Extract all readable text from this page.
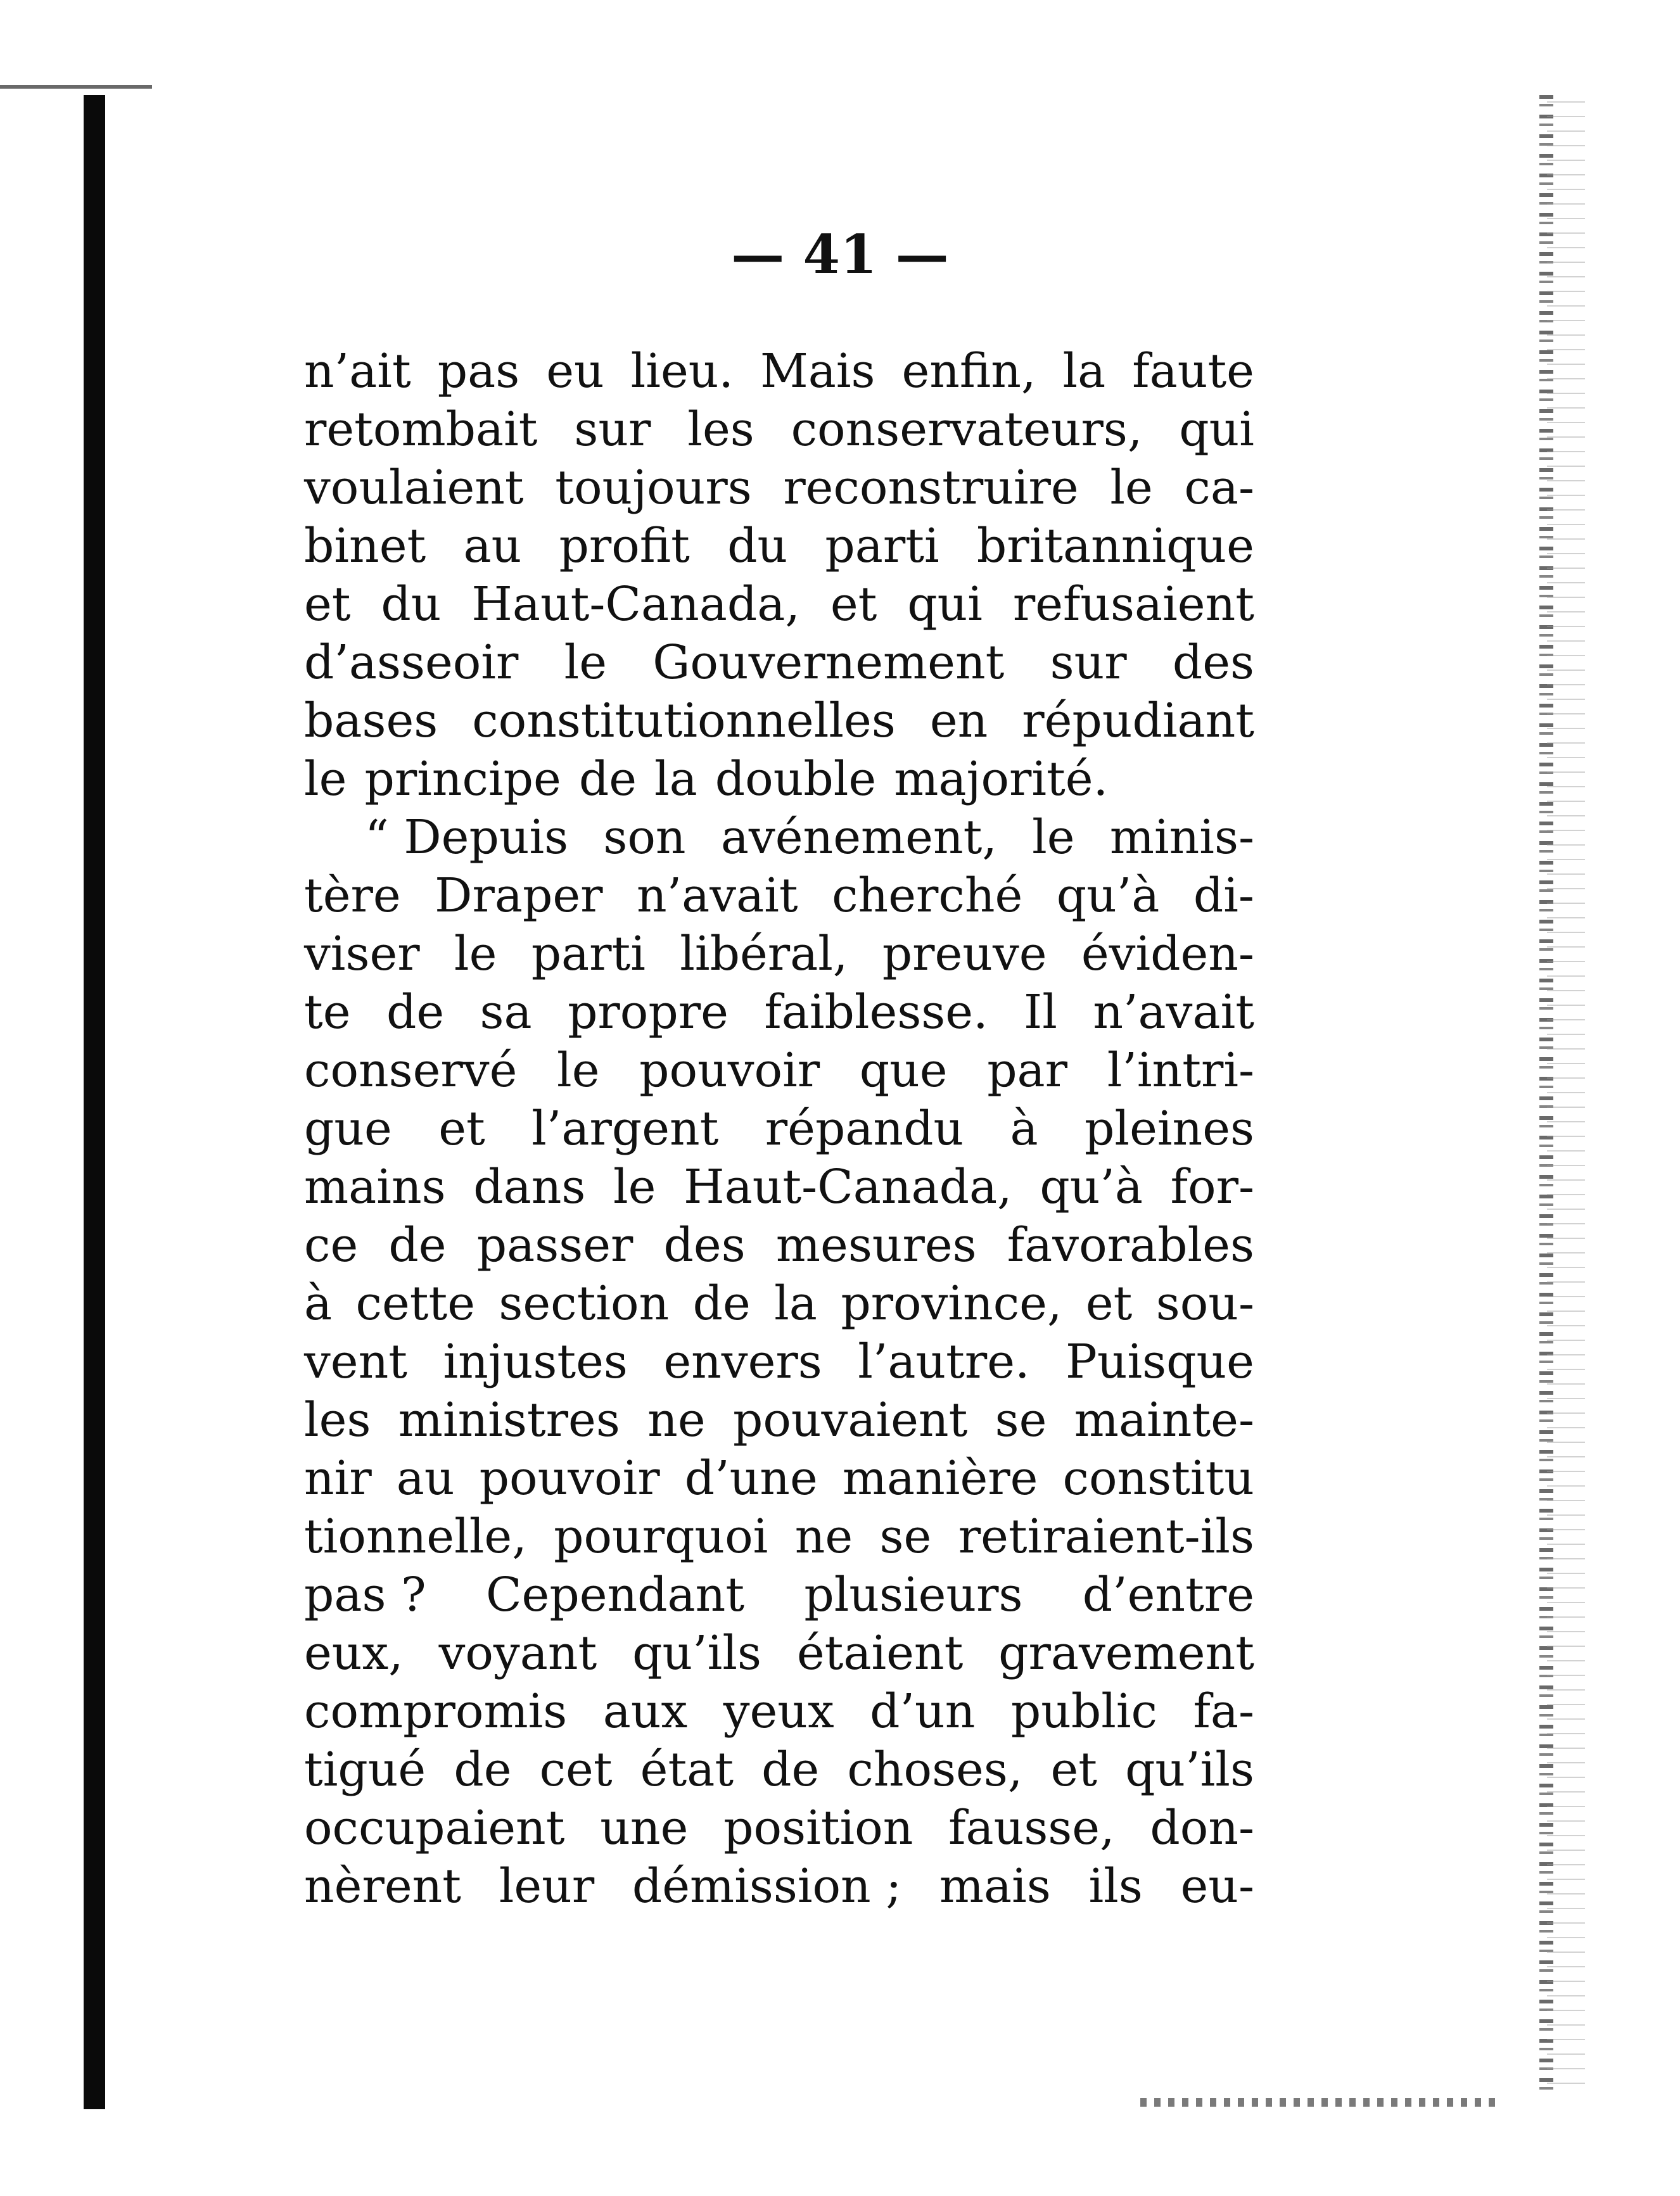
— 41 —
n’ait pas eu lieu. Mais enfin, la faute
retombait sur les conservateurs, qui
voulaient toujours reconstruire le ca-
binet au profit du parti britannique
et du Haut-Canada, et qui refusaient
d’asseoir le Gouvernement sur des
bases constitutionnelles en répudiant
le principe de la double majorité.
“ Depuis son avénement, le minis-
tère Draper n’avait cherché qu’à di-
viser le parti libéral, preuve éviden-
te de sa propre faiblesse. Il n’avait
conservé le pouvoir que par l’intri-
gue et l’argent répandu à pleines
mains dans le Haut-Canada, qu’à for-
ce de passer des mesures favorables
à cette section de la province, et sou-
vent injustes envers l’autre. Puisque
les ministres ne pouvaient se mainte-
nir au pouvoir d’une manière constitu
tionnelle, pourquoi ne se retiraient-ils
pas ? Cependant plusieurs d’entre
eux, voyant qu’ils étaient gravement
compromis aux yeux d’un public fa-
tigué de cet état de choses, et qu’ils
occupaient une position fausse, don-
nèrent leur démission ; mais ils eu-
